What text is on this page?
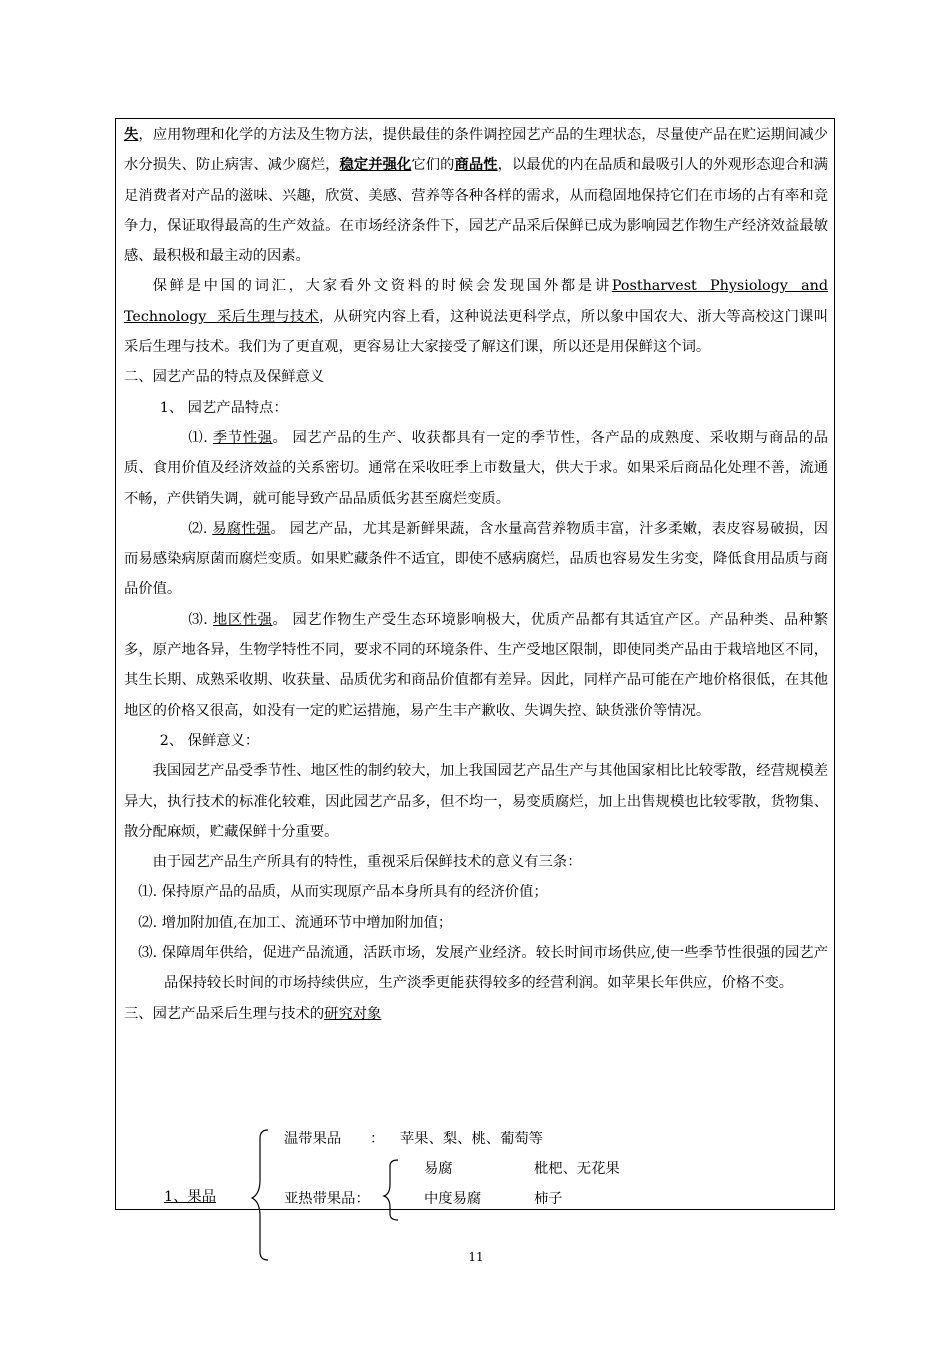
失，应用物理和化学的方法及生物方法，提供最佳的条件调控园艺产品的生理状态，尽量使产品在贮运期间减少水分损失、防止病害、减少腐烂，稳定并强化它们的商品性，以最优的内在品质和最吸引人的外观形态迎合和满足消费者对产品的滋味、兴趣，欣赏、美感、营养等各种各样的需求，从而稳固地保持它们在市场的占有率和竞争力，保证取得最高的生产效益。在市场经济条件下，园艺产品采后保鲜已成为影响园艺作物生产经济效益最敏感、最积极和最主动的因素。

保鲜是中国的词汇，大家看外文资料的时候会发现国外都是讲Postharvest Physiology and Technology 采后生理与技术，从研究内容上看，这种说法更科学点，所以象中国农大、浙大等高校这门课叫采后生理与技术。我们为了更直观，更容易让大家接受了解这们课，所以还是用保鲜这个词。

二、园艺产品的特点及保鲜意义

1、 园艺产品特点：

⑴. 季节性强。 园艺产品的生产、收获都具有一定的季节性，各产品的成熟度、采收期与商品的品质、食用价值及经济效益的关系密切。通常在采收旺季上市数量大，供大于求。如果采后商品化处理不善，流通不畅，产供销失调，就可能导致产品品质低劣甚至腐烂变质。

⑵. 易腐性强。 园艺产品，尤其是新鲜果蔬，含水量高营养物质丰富，汁多柔嫩，表皮容易破损，因而易感染病原菌而腐烂变质。如果贮藏条件不适宜，即使不感病腐烂，品质也容易发生劣变，降低食用品质与商品价值。

⑶. 地区性强。 园艺作物生产受生态环境影响极大，优质产品都有其适宜产区。产品种类、品种繁多，原产地各异，生物学特性不同，要求不同的环境条件、生产受地区限制，即使同类产品由于栽培地区不同，其生长期、成熟采收期、收获量、品质优劣和商品价值都有差异。因此，同样产品可能在产地价格很低，在其他地区的价格又很高，如没有一定的贮运措施，易产生丰产歉收、失调失控、缺货涨价等情况。

2、 保鲜意义：

我国园艺产品受季节性、地区性的制约较大，加上我国园艺产品生产与其他国家相比比较零散，经营规模差异大，执行技术的标准化较难，因此园艺产品多，但不均一，易变质腐烂，加上出售规模也比较零散，货物集、散分配麻烦，贮藏保鲜十分重要。

由于园艺产品生产所具有的特性，重视采后保鲜技术的意义有三条：

⑴. 保持原产品的品质，从而实现原产品本身所具有的经济价值；

⑵. 增加附加值,在加工、流通环节中增加附加值；

⑶. 保障周年供给，促进产品流通，活跃市场，发展产业经济。较长时间市场供应,使一些季节性很强的园艺产品保持较长时间的市场持续供应，生产淡季更能获得较多的经营利润。如苹果长年供应，价格不变。

三、园艺产品采后生理与技术的研究对象

1、果品
温带果品 ： 苹果、梨、桃、葡萄等
亚热带果品：
易腐	枇杷、无花果
中度易腐	柿子
11
